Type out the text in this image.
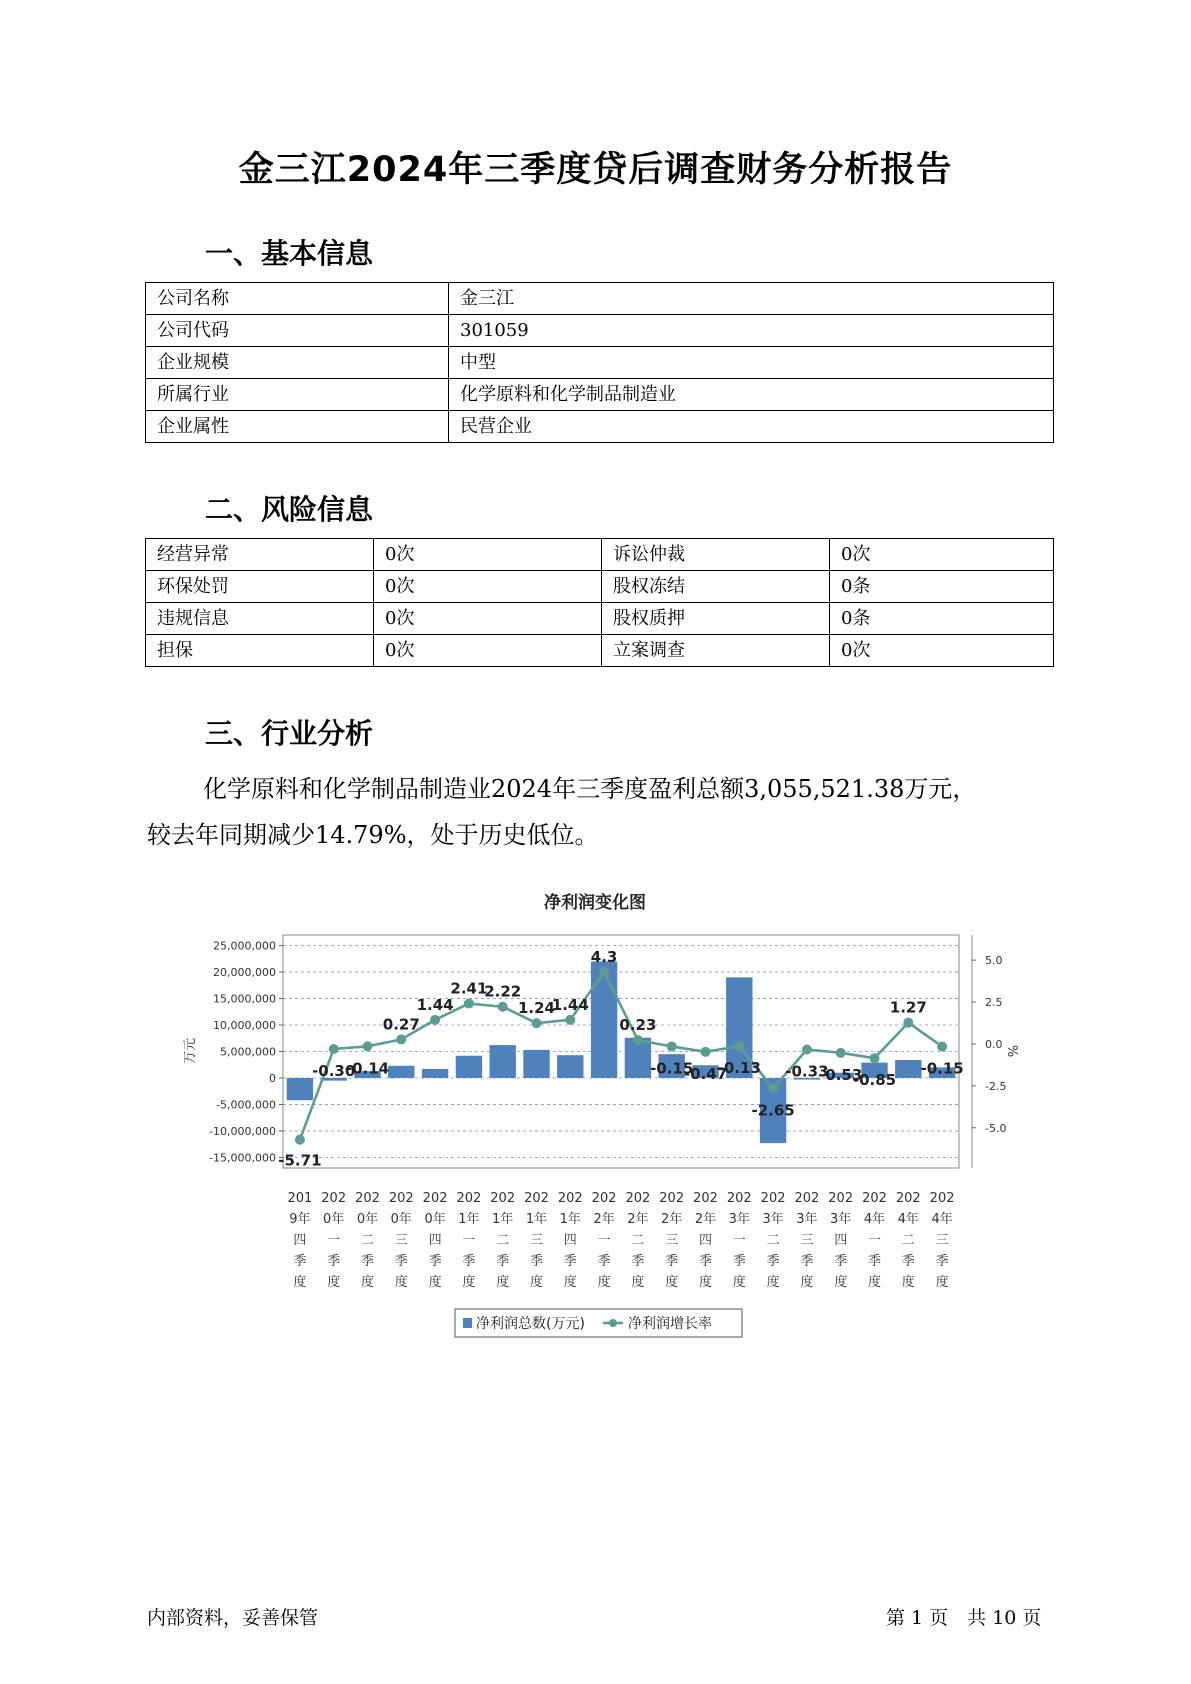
金三江2024年三季度贷后调查财务分析报告
一、基本信息
公司名称	金三江
公司代码	301059
企业规模	中型
所属行业	化学原料和化学制品制造业
企业属性	民营企业
二、风险信息
经营异常	0次	诉讼仲裁	0次
环保处罚	0次	股权冻结	0条
违规信息	0次	股权质押	0条
担保	0次	立案调查	0次
三、行业分析
化学原料和化学制品制造业2024年三季度盈利总额3,055,521.38万元，
较去年同期减少14.79%，处于历史低位。
净利润变化图
25,000,000
20,000,000
15,000,000
10,000,000
5,000,000
0
-5,000,000
-10,000,000
-15,000,000
万元
5.0
2.5
0.0
-2.5
-5.0
%
-5.71
-0.30
-0.14
0.27
1.44
2.41
2.22
1.24
1.44
4.3
0.23
-0.15
-0.47
-0.13
-2.65
-0.33
-0.53
-0.85
1.27
-0.15
201 9年四季度
202 0年一季度
202 0年二季度
202 0年三季度
202 0年四季度
202 1年一季度
202 1年二季度
202 1年三季度
202 1年四季度
202 2年一季度
202 2年二季度
202 2年三季度
202 2年四季度
202 3年一季度
202 3年二季度
202 3年三季度
202 3年四季度
202 4年一季度
202 4年二季度
202 4年三季度
净利润总数(万元)	净利润增长率
内部资料，妥善保管	第 1 页　共 10 页
